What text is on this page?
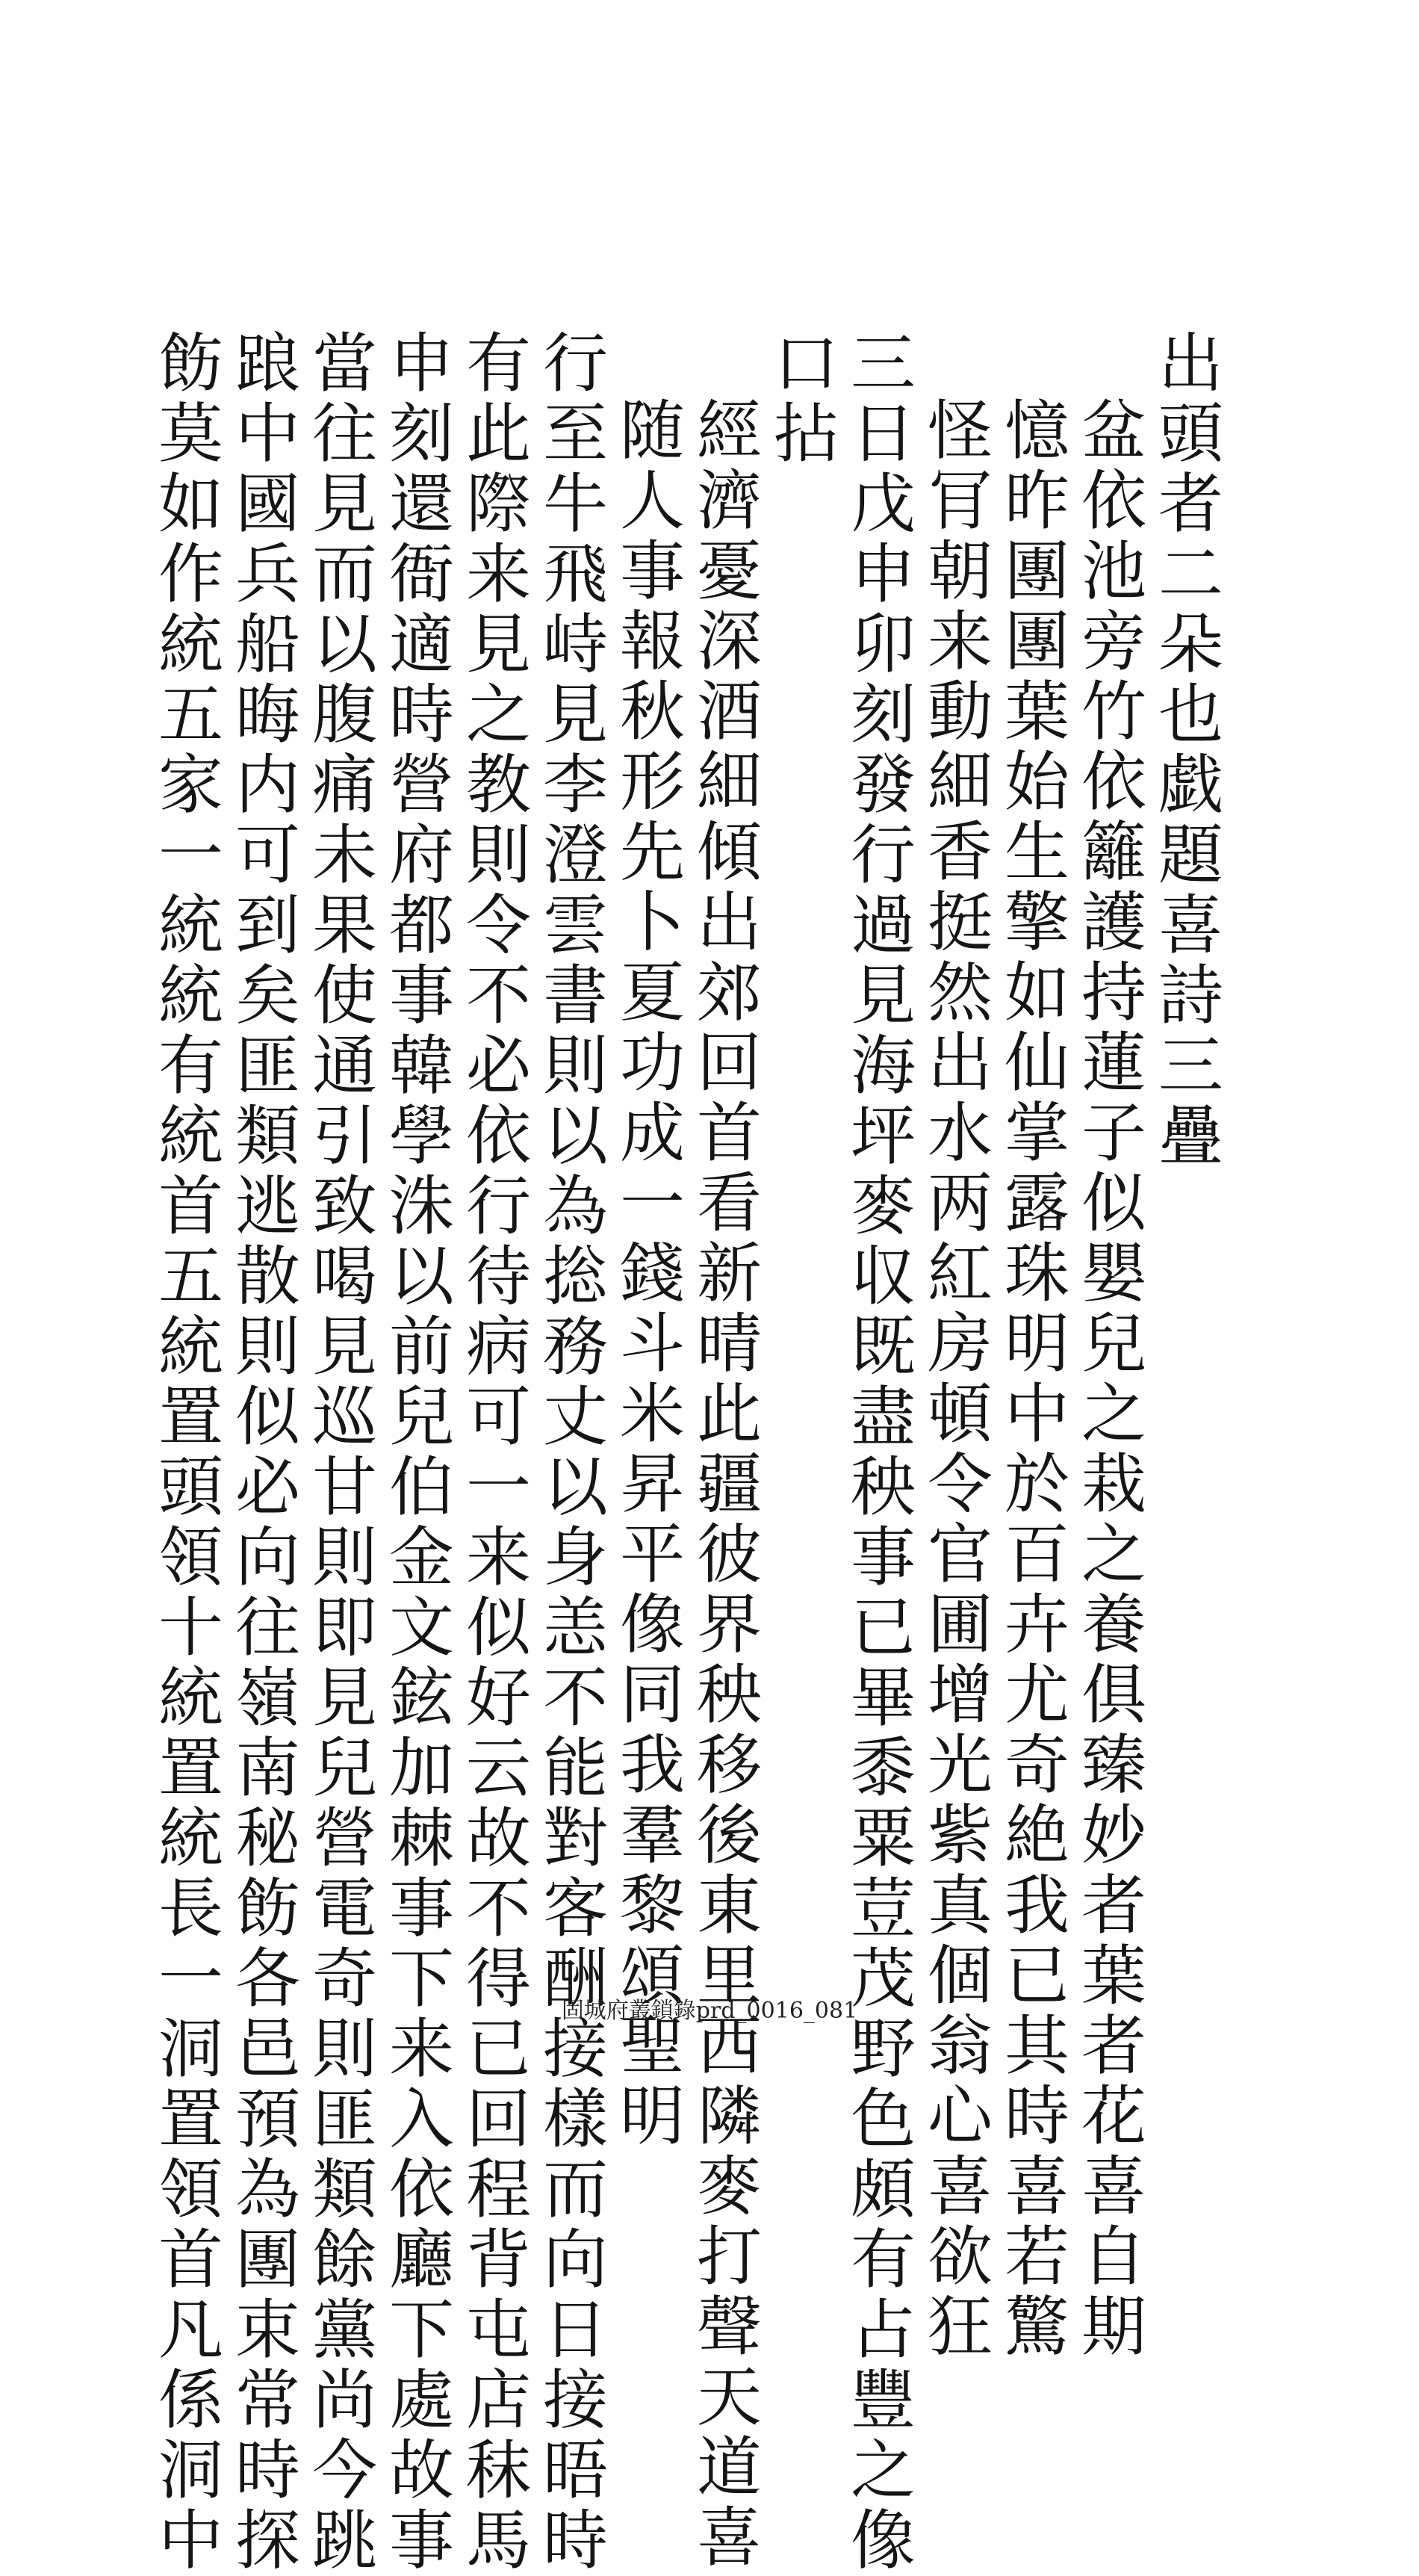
出頭者二朵也戯題喜詩三疊
盆依池旁竹依籬護持蓮子似嬰兒之栽之養俱臻妙者葉者花喜自期
憶昨團團葉始生擎如仙掌露珠明中於百卉尤奇絶我已其時喜若驚
怪肎朝来動細香挺然出水两紅房頓令官圃增光紫真個翁心喜欲狂
三日戊申卯刻發行過見海坪麥収既盡秧事已畢黍粟荳茂野色頗有占豐之像
口拈
經濟憂深酒細傾出郊回首看新晴此疆彼界秧移後東里西隣麥打聲天道喜
随人事報秋形先卜夏功成一錢斗米昇平像同我羣黎頌聖明
行至牛飛峙見李澄雲書則以為捴務丈以身恙不能對客酬接樣而向日接晤時
有此際来見之教則令不必依行待病可一来似好云故不得已回程背屯店秣馬
申刻還衙適時營府都事韓學洙以前兒伯金文鉉加棘事下来入依廳下處故事
當往見而以腹痛未果使通引致喝見巡甘則即見兒營電奇則匪類餘黨尚今跳
踉中國兵船晦内可到矣匪類逃散則似必向往嶺南秘飭各邑預為團束常時探
飭莫如作統五家一統統有統首五統置頭領十統置統長一洞置領首凡係洞中	固城府叢鎖錄prd_0016_081
